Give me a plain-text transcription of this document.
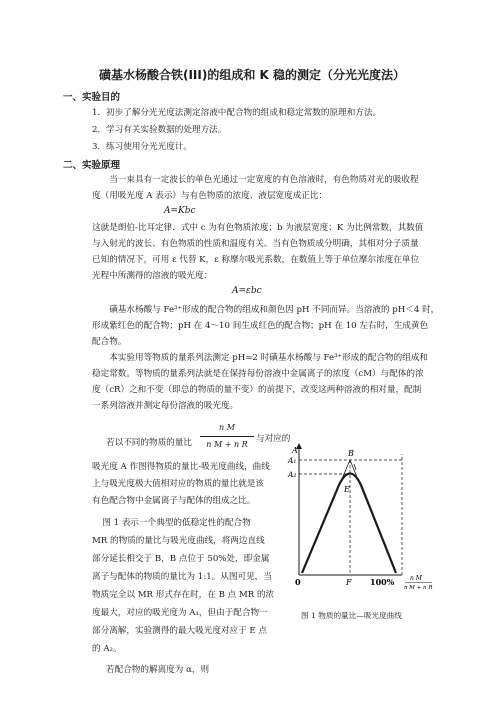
磺基水杨酸合铁(III)的组成和 K 稳的测定（分光光度法）
一、实验目的
1．初步了解分光光度法测定溶液中配合物的组成和稳定常数的原理和方法。
2．学习有关实验数据的处理方法。
3．练习使用分光光度计。
二、实验原理
当一束具有一定波长的单色光通过一定宽度的有色溶液时，有色物质对光的吸收程
度（用吸光度 A 表示）与有色物质的浓度、液层宽度成正比：
A=Kbc
这就是朗伯-比耳定律．式中 c 为有色物质浓度；b 为液层宽度；K 为比例常数，其数值
与入射光的波长、有色物质的性质和温度有关。当有色物质成分明确，其相对分子质量
已知的情况下，可用 ε 代替 K，ε 称摩尔吸光系数，在数值上等于单位摩尔浓度在单位
光程中所测得的溶液的吸光度：
A=εbc
磺基水杨酸与 Fe³⁺形成的配合物的组成和颜色因 pH 不同而异。当溶液的 pH＜4 时，
形成紫红色的配合物；pH 在 4～10 间生成红色的配合物；pH 在 10 左右时，生成黄色
配合物。
本实验用等物质的量系列法测定 pH=2 时磺基水杨酸与 Fe³⁺形成的配合物的组成和
稳定常数。等物质的量系列法就是在保持每份溶液中金属离子的浓度（cM）与配体的浓
度（cR）之和不变（即总的物质的量不变）的前提下，改变这两种溶液的相对量，配制
一系列溶液并测定每份溶液的吸光度。
若以不同的物质的量比
n M
n M + n R
与对应的
吸光度 A 作图得物质的量比-吸光度曲线，曲线
上与吸光度极大值相对应的物质的量比就是该
有色配合物中金属离子与配体的组成之比。
图 1 表示一个典型的低稳定性的配合物
MR 的物质的量比与吸光度曲线，将两边直线
部分延长相交于 B，B 点位于 50%处，即金属
离子与配体的物质的量比为 1:1。从图可见，当
物质完全以 MR 形式存在时，在 B 点 MR 的浓
度最大，对应的吸光度为 A₁，但由于配合物一
部分离解，实验测得的最大吸光度对应于 E 点
的 A₂。
若配合物的解离度为 α，则
A
A₁
A₂
B
E
0	F 100%	n M
n M + n R
图 1 物质的量比—吸光度曲线
